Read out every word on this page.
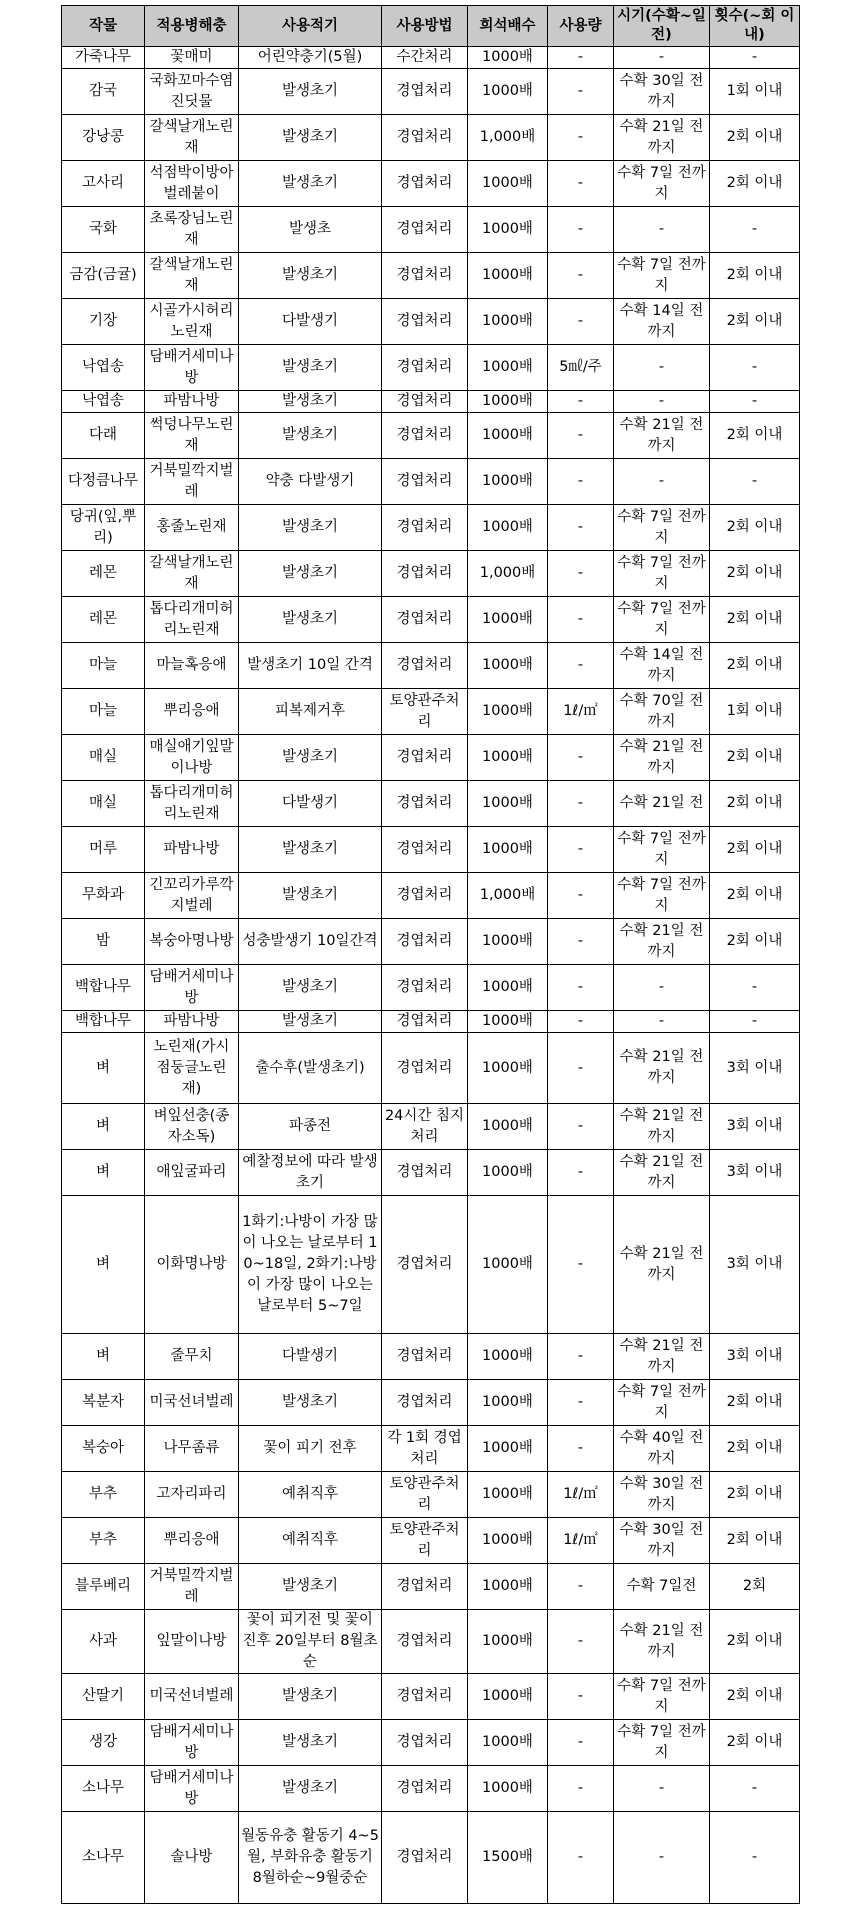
작물	적용병해충	사용적기	사용방법	희석배수	사용량	시기(수확~일전)	횟수(~회 이내)
가죽나무	꽃매미	어린약충기(5월)	수간처리	1000배	-	-	-
감국	국화꼬마수염진딧물	발생초기	경엽처리	1000배	-	수확 30일 전까지	1회 이내
강낭콩	갈색날개노린재	발생초기	경엽처리	1,000배	-	수확 21일 전까지	2회 이내
고사리	석점박이방아벌레붙이	발생초기	경엽처리	1000배	-	수확 7일 전까지	2회 이내
국화	초록장님노린재	발생초	경엽처리	1000배	-	-	-
금감(금귤)	갈색날개노린재	발생초기	경엽처리	1000배	-	수확 7일 전까지	2회 이내
기장	시골가시허리노린재	다발생기	경엽처리	1000배	-	수확 14일 전까지	2회 이내
낙엽송	담배거세미나방	발생초기	경엽처리	1000배	5㎖/주	-	-
낙엽송	파밤나방	발생초기	경엽처리	1000배	-	-	-
다래	썩덩나무노린재	발생초기	경엽처리	1000배	-	수확 21일 전까지	2회 이내
다정큼나무	거북밀깍지벌레	약충 다발생기	경엽처리	1000배	-	-	-
당귀(잎,뿌리)	홍줄노린재	발생초기	경엽처리	1000배	-	수확 7일 전까지	2회 이내
레몬	갈색날개노린재	발생초기	경엽처리	1,000배	-	수확 7일 전까지	2회 이내
레몬	톱다리개미허리노린재	발생초기	경엽처리	1000배	-	수확 7일 전까지	2회 이내
마늘	마늘혹응애	발생초기 10일 간격	경엽처리	1000배	-	수확 14일 전까지	2회 이내
마늘	뿌리응애	피복제거후	토양관주처리	1000배	1ℓ/㎡	수확 70일 전까지	1회 이내
매실	매실애기잎말이나방	발생초기	경엽처리	1000배	-	수확 21일 전까지	2회 이내
매실	톱다리개미허리노린재	다발생기	경엽처리	1000배	-	수확 21일 전	2회 이내
머루	파밤나방	발생초기	경엽처리	1000배	-	수확 7일 전까지	2회 이내
무화과	긴꼬리가루깍지벌레	발생초기	경엽처리	1,000배	-	수확 7일 전까지	2회 이내
밤	복숭아명나방	성충발생기 10일간격	경엽처리	1000배	-	수확 21일 전까지	2회 이내
백합나무	담배거세미나방	발생초기	경엽처리	1000배	-	-	-
백합나무	파밤나방	발생초기	경엽처리	1000배	-	-	-
벼	노린재(가시점둥글노린재)	출수후(발생초기)	경엽처리	1000배	-	수확 21일 전까지	3회 이내
벼	벼잎선충(종자소독)	파종전	24시간 침지처리	1000배	-	수확 21일 전까지	3회 이내
벼	애잎굴파리	예찰정보에 따라 발생초기	경엽처리	1000배	-	수확 21일 전까지	3회 이내
벼	이화명나방	1화기:나방이 가장 많이 나오는 날로부터 10~18일, 2화기:나방이 가장 많이 나오는 날로부터 5~7일	경엽처리	1000배	-	수확 21일 전까지	3회 이내
벼	줄무치	다발생기	경엽처리	1000배	-	수확 21일 전까지	3회 이내
복분자	미국선녀벌레	발생초기	경엽처리	1000배	-	수확 7일 전까지	2회 이내
복숭아	나무좀류	꽃이 피기 전후	각 1회 경엽처리	1000배	-	수확 40일 전까지	2회 이내
부추	고자리파리	예취직후	토양관주처리	1000배	1ℓ/㎡	수확 30일 전까지	2회 이내
부추	뿌리응애	예취직후	토양관주처리	1000배	1ℓ/㎡	수확 30일 전까지	2회 이내
블루베리	거북밀깍지벌레	발생초기	경엽처리	1000배	-	수확 7일전	2회
사과	잎말이나방	꽃이 피기전 및 꽃이진후 20일부터 8월초순	경엽처리	1000배	-	수확 21일 전까지	2회 이내
산딸기	미국선녀벌레	발생초기	경엽처리	1000배	-	수확 7일 전까지	2회 이내
생강	담배거세미나방	발생초기	경엽처리	1000배	-	수확 7일 전까지	2회 이내
소나무	담배거세미나방	발생초기	경엽처리	1000배	-	-	-
소나무	솔나방	월동유충 활동기 4~5월, 부화유충 활동기 8월하순~9월중순	경엽처리	1500배	-	-	-
